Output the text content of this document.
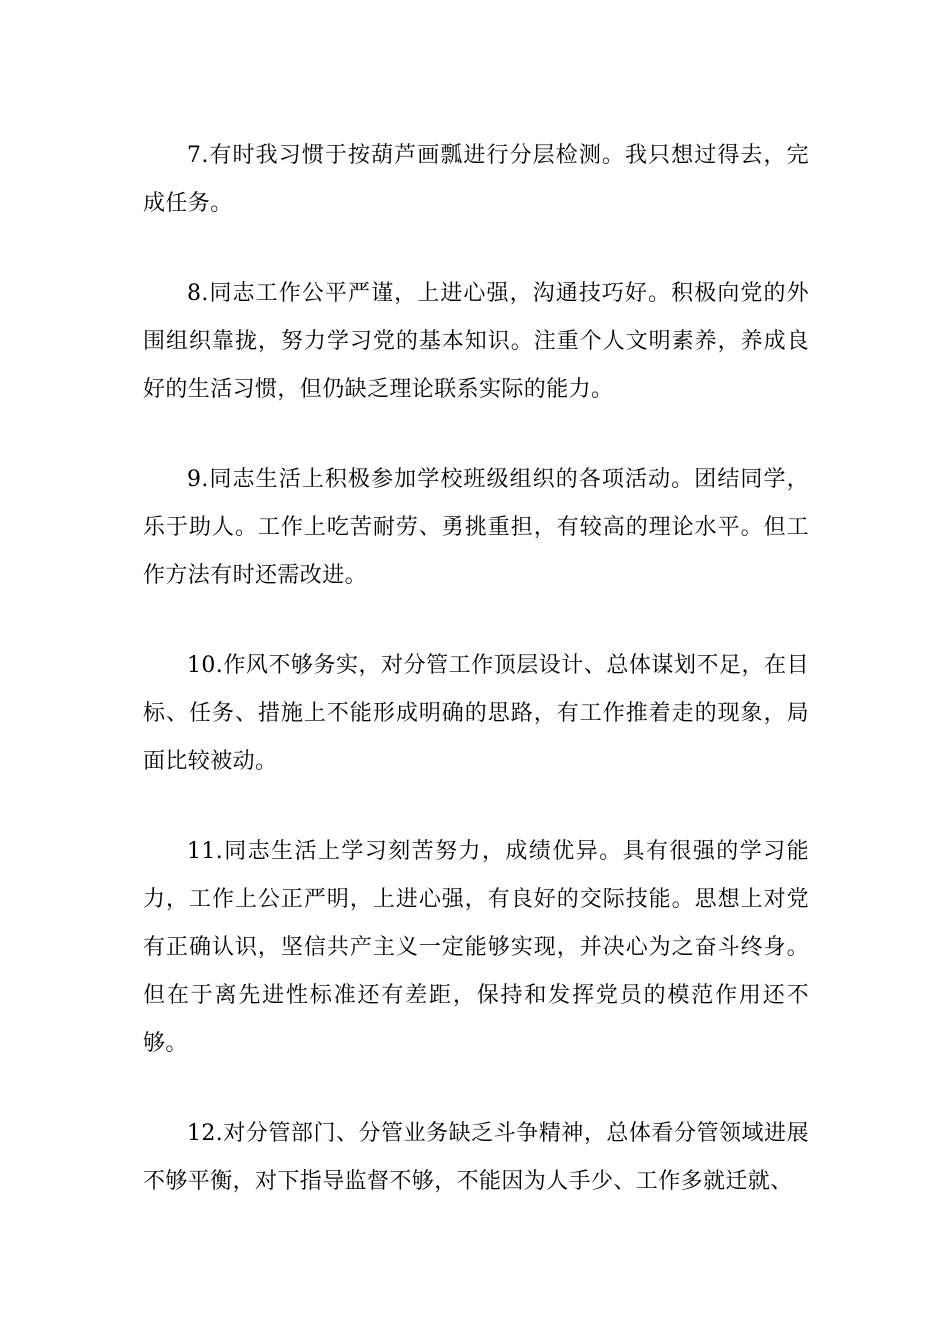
7.有时我习惯于按葫芦画瓢进行分层检测。我只想过得去，完成任务。

8.同志工作公平严谨，上进心强，沟通技巧好。积极向党的外围组织靠拢，努力学习党的基本知识。注重个人文明素养，养成良好的生活习惯，但仍缺乏理论联系实际的能力。

9.同志生活上积极参加学校班级组织的各项活动。团结同学，乐于助人。工作上吃苦耐劳、勇挑重担，有较高的理论水平。但工作方法有时还需改进。

10.作风不够务实，对分管工作顶层设计、总体谋划不足，在目标、任务、措施上不能形成明确的思路，有工作推着走的现象，局面比较被动。

11.同志生活上学习刻苦努力，成绩优异。具有很强的学习能力，工作上公正严明，上进心强，有良好的交际技能。思想上对党有正确认识，坚信共产主义一定能够实现，并决心为之奋斗终身。但在于离先进性标准还有差距，保持和发挥党员的模范作用还不够。

12.对分管部门、分管业务缺乏斗争精神，总体看分管领域进展不够平衡，对下指导监督不够，不能因为人手少、工作多就迁就、
